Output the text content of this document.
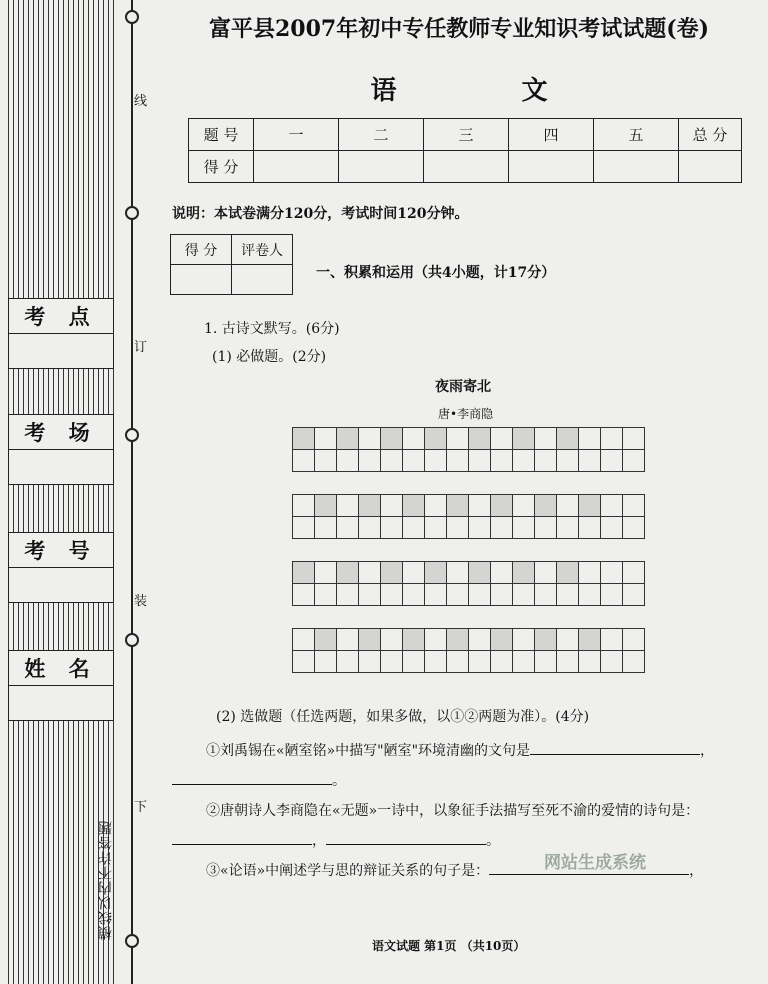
线
订
装
下
考 点
考 场
考 号
姓 名
横线以内不许答题
富平县2007年初中专任教师专业知识考试试题(卷)
语 文
题 号	一	二	三	四	五	总 分
得 分						
说明：本试卷满分120分，考试时间120分钟。
得 分	评卷人

一、积累和运用（共4小题，计17分）
1. 古诗文默写。(6分)
(1) 必做题。(2分)
夜雨寄北
唐•李商隐

(2) 选做题（任选两题，如果多做，以①②两题为准）。(4分)
①刘禹锡在«陋室铭»中描写"陋室"环境清幽的文句是	，
。
②唐朝诗人李商隐在«无题»一诗中，以象征手法描写至死不渝的爱情的诗句是：
，	。
③«论语»中阐述学与思的辩证关系的句子是：	，
网站生成系统
语文试题 第1页 （共10页）
